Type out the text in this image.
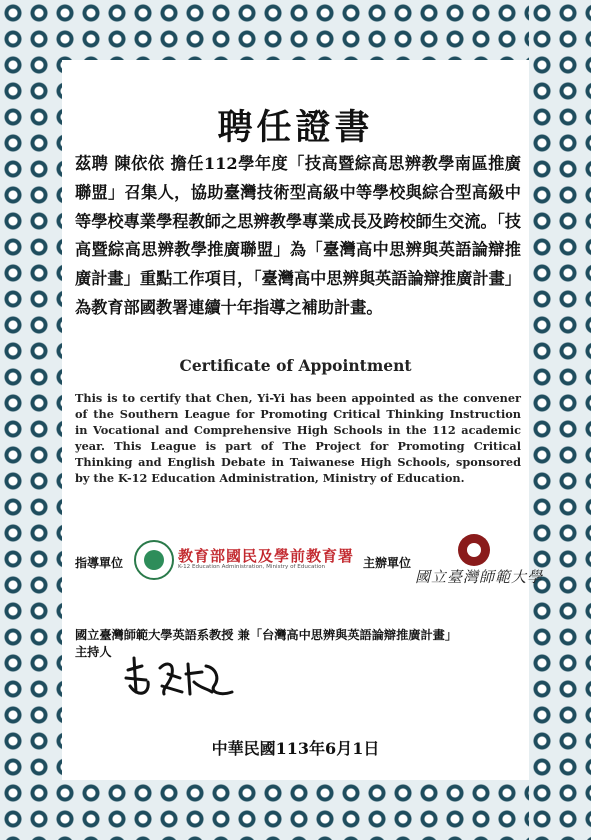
聘任證書
茲聘 陳依依 擔任112學年度「技高暨綜高思辨教學南區推廣聯盟」召集人，協助臺灣技術型高級中等學校與綜合型高級中等學校專業學程教師之思辨教學專業成長及跨校師生交流。「技高暨綜高思辨教學推廣聯盟」為「臺灣高中思辨與英語論辯推廣計畫」重點工作項目，「臺灣高中思辨與英語論辯推廣計畫」為教育部國教署連續十年指導之補助計畫。
Certificate of Appointment
This is to certify that Chen, Yi-Yi has been appointed as the convener of the Southern League for Promoting Critical Thinking Instruction in Vocational and Comprehensive High Schools in the 112 academic year. This League is part of The Project for Promoting Critical Thinking and English Debate in Taiwanese High Schools, sponsored by the K-12 Education Administration, Ministry of Education.
指導單位	教育部國民及學前教育署
K-12 Education Administration, Ministry of Education	主辦單位
國立臺灣師範大學
國立臺灣師範大學英語系教授 兼「台灣高中思辨與英語論辯推廣計畫」
主持人
中華民國113年6月1日
